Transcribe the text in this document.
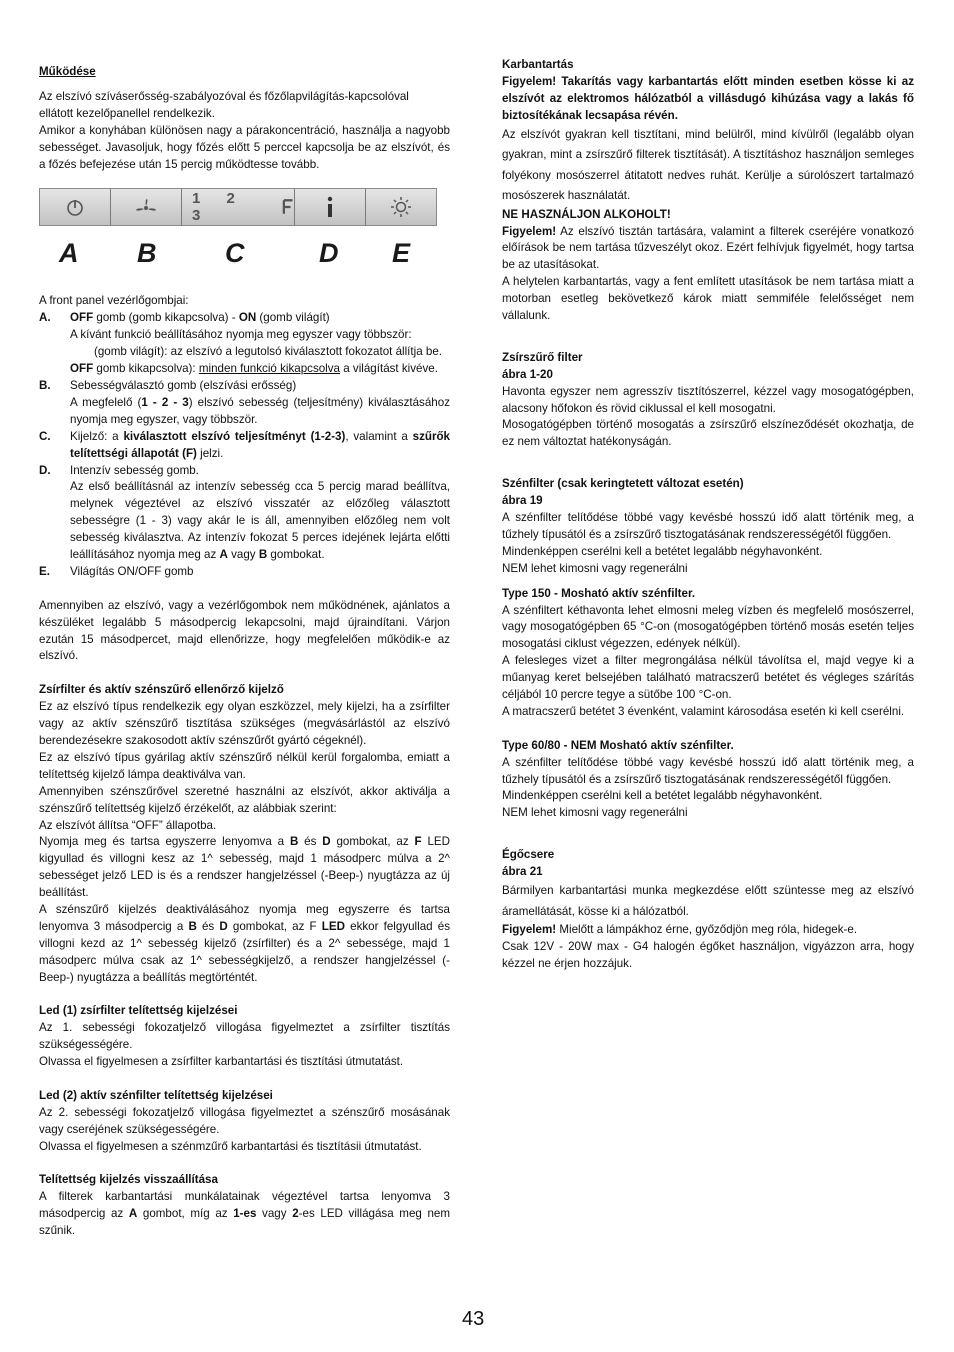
Működése

Az elszívó szíváserősség-szabályozóval és főzőlapvilágítás-kapcsolóval

ellátott kezelőpanellel rendelkezik.

Amikor a konyhában különösen nagy a párakoncentráció, használja a nagyobb sebességet. Javasoljuk, hogy főzés előtt 5 perccel kapcsolja be az elszívót, és a főzés befejezése után 15 percig működtesse tovább.

A front panel vezérlőgombjai:

A.	OFF gomb (gomb kikapcsolva) - ON (gomb világít)

A kívánt funkció beállításához nyomja meg egyszer vagy többször:

(gomb világít): az elszívó a legutolsó kiválasztott fokozatot állítja be.

OFF gomb kikapcsolva): minden funkció kikapcsolva a világítást kivéve.

B.	Sebességválasztó gomb (elszívási erősség)

A megfelelő (1 - 2 - 3) elszívó sebesség (teljesítmény) kiválasztásához nyomja meg egyszer, vagy többször.

C.	Kijelző: a kiválasztott elszívó teljesítményt (1-2-3), valamint a szűrők telítettségi állapotát (F) jelzi.
D.	Intenzív sebesség gomb.

Az első beállításnál az intenzív sebesség cca 5 percig marad beállítva, melynek végeztével az elszívó visszatér az előzőleg választott sebességre (1 - 3) vagy akár le is áll, amennyiben előzőleg nem volt sebesség kiválasztva. Az intenzív fokozat 5 perces idejének lejárta előtti leállításához nyomja meg az A vagy B gombokat.

E.	Világítás ON/OFF gomb

Amennyiben az elszívó, vagy a vezérlőgombok nem működnének, ajánlatos a készüléket legalább 5 másodpercig lekapcsolni, majd újraindítani. Várjon ezután 15 másodpercet, majd ellenőrizze, hogy megfelelően működik-e az elszívó.

Zsírfilter és aktív szénszűrő ellenőrző kijelző

Ez az elszívó típus rendelkezik egy olyan eszközzel, mely kijelzi, ha a zsírfilter vagy az aktív szénszűrő tisztítása szükséges (megvásárlástól az elszívó berendezésekre szakosodott aktív szénszűrőt gyártó cégeknél).

Ez az elszívó típus gyárilag aktív szénszűrő nélkül kerül forgalomba, emiatt a telítettség kijelző lámpa deaktiválva van.

Amennyiben szénszűrővel szeretné használni az elszívót, akkor aktiválja a szénszűrő telítettség kijelző érzékelőt, az alábbiak szerint:

Az elszívót állítsa “OFF” állapotba.

Nyomja meg és tartsa egyszerre lenyomva a B és D gombokat, az F LED kigyullad és villogni kesz az 1^ sebesség, majd 1 másodperc múlva a 2^ sebességet jelző LED is és a rendszer hangjelzéssel (-Beep-) nyugtázza az új beállítást.

A szénszűrő kijelzés deaktiválásához nyomja meg egyszerre és tartsa lenyomva 3 másodpercig a B és D gombokat, az F LED ekkor felgyullad és villogni kezd az 1^ sebesség kijelző (zsírfilter) és a 2^ sebessége, majd 1 másodperc múlva csak az 1^ sebességkijelző, a rendszer hangjelzéssel (-Beep-) nyugtázza a beállítás megtörténtét.

Led (1) zsírfilter telítettség kijelzései

Az 1. sebességi fokozatjelző villogása figyelmeztet a zsírfilter tisztítás szükségességére.

Olvassa el figyelmesen a zsírfilter karbantartási és tisztítási útmutatást.

Led (2) aktív szénfilter telítettség kijelzései

Az 2. sebességi fokozatjelző villogása figyelmeztet a szénszűrő mosásának vagy cseréjének szükségességére.

Olvassa el figyelmesen a szénmzűrő karbantartási és tisztításii útmutatást.

Telítettség kijelzés visszaállítása

A filterek karbantartási munkálatainak végeztével tartsa lenyomva 3 másodpercig az A gombot, míg az 1-es vagy 2-es LED villágása meg nem szűnik.

1 2 3
A B	C	D E

Karbantartás

Figyelem! Takarítás vagy karbantartás előtt minden esetben kösse ki az elszívót az elektromos hálózatból a villásdugó kihúzása vagy a lakás fő biztosítékának lecsapása révén.

Az elszívót gyakran kell tisztítani, mind belülről, mind kívülről (legalább olyan gyakran, mint a zsírszűrő filterek tisztítását). A tisztításhoz használjon semleges folyékony mosószerrel átitatott nedves ruhát. Kerülje a súrolószert tartalmazó mosószerek használatát.

NE HASZNÁLJON ALKOHOLT!

Figyelem! Az elszívó tisztán tartására, valamint a filterek cseréjére vonatkozó előírások be nem tartása tűzveszélyt okoz. Ezért felhívjuk figyelmét, hogy tartsa be az utasításokat.

A helytelen karbantartás, vagy a fent említett utasítások be nem tartása miatt a motorban esetleg bekövetkező károk miatt semmiféle felelősséget nem vállalunk.

Zsírszűrő filter

ábra 1-20

Havonta egyszer nem agresszív tisztítószerrel, kézzel vagy mosogatógépben, alacsony hőfokon és rövid ciklussal el kell mosogatni.

Mosogatógépben történő mosogatás a zsírszűrő elszíneződését okozhatja, de ez nem változtat hatékonyságán.

Szénfilter (csak keringtetett változat esetén)

ábra 19

A szénfilter telítődése többé vagy kevésbé hosszú idő alatt történik meg, a tűzhely típusától és a zsírszűrő tisztogatásának rendszerességétől függően.

Mindenképpen cserélni kell a betétet legalább négyhavonként.

NEM lehet kimosni vagy regenerálni

Type 150 - Mosható aktív szénfilter.

A szénfiltert kéthavonta lehet elmosni meleg vízben és megfelelő mosószerrel, vagy mosogatógépben 65 °C-on (mosogatógépben történő mosás esetén teljes mosogatási ciklust végezzen, edények nélkül).

A felesleges vizet a filter megrongálása nélkül távolítsa el, majd vegye ki a műanyag keret belsejében található matracszerű betétet és végleges szárítás céljából 10 percre tegye a sütőbe 100 °C-on.

A matracszerű betétet 3 évenként, valamint károsodása esetén ki kell cserélni.

Type 60/80 - NEM Mosható aktív szénfilter.

A szénfilter telítődése többé vagy kevésbé hosszú idő alatt történik meg, a tűzhely típusától és a zsírszűrő tisztogatásának rendszerességétől függően.

Mindenképpen cserélni kell a betétet legalább négyhavonként.

NEM lehet kimosni vagy regenerálni

Égőcsere

ábra 21

Bármilyen karbantartási munka megkezdése előtt szüntesse meg az elszívó áramellátását, kösse ki a hálózatból.

Figyelem! Mielőtt a lámpákhoz érne, győződjön meg róla, hidegek-e.

Csak 12V - 20W max - G4 halogén égőket használjon, vigyázzon arra, hogy kézzel ne érjen hozzájuk.

43
